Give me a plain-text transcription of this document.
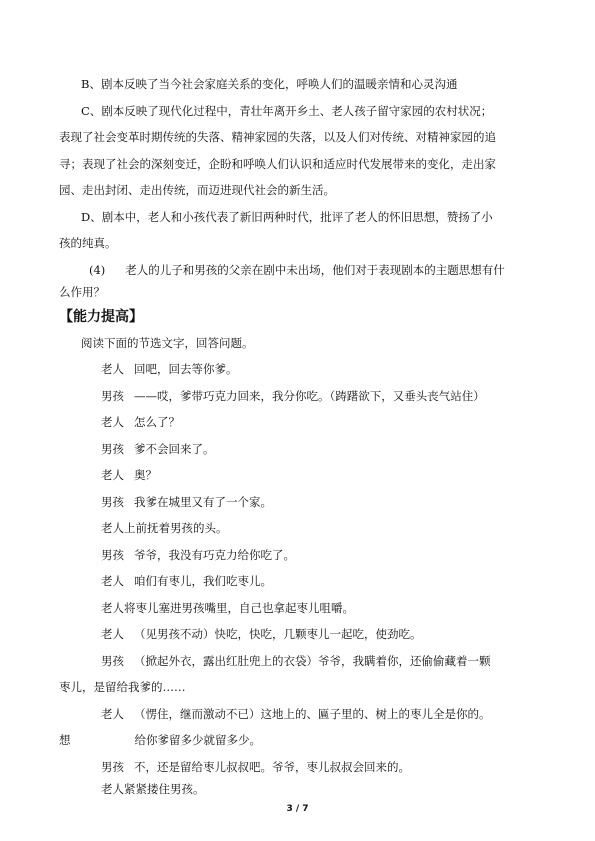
B、剧本反映了当今社会家庭关系的变化，呼唤人们的温暖亲情和心灵沟通
C、剧本反映了现代化过程中，青壮年离开乡土、老人孩子留守家园的农村状况；
表现了社会变革时期传统的失落、精神家园的失落，以及人们对传统、对精神家园的追
寻；表现了社会的深刻变迁，企盼和呼唤人们认识和适应时代发展带来的变化，走出家
园、走出封闭、走出传统，而迈进现代社会的新生活。
D、剧本中，老人和小孩代表了新旧两种时代，批评了老人的怀旧思想，赞扬了小
孩的纯真。
(4) 老人的儿子和男孩的父亲在剧中未出场，他们对于表现剧本的主题思想有什
么作用？
【能力提高】
阅读下面的节选文字，回答问题。
老人 回吧，回去等你爹。
男孩 ——哎，爹带巧克力回来，我分你吃。（踌躇欲下，又垂头丧气站住）
老人 怎么了？
男孩 爹不会回来了。
老人 奥？
男孩 我爹在城里又有了一个家。
老人上前抚着男孩的头。
男孩 爷爷，我没有巧克力给你吃了。
老人 咱们有枣儿，我们吃枣儿。
老人将枣儿塞进男孩嘴里，自己也拿起枣儿咀嚼。
老人 （见男孩不动）快吃，快吃，几颗枣儿一起吃，使劲吃。
男孩 （掀起外衣，露出红肚兜上的衣袋）爷爷，我瞒着你，还偷偷藏着一颗
枣儿，是留给我爹的……
老人 （愣住，继而激动不已）这地上的、匾子里的、树上的枣儿全是你的。
想	给你爹留多少就留多少。
男孩 不，还是留给枣儿叔叔吧。爷爷，枣儿叔叔会回来的。
老人紧紧搂住男孩。
3 / 7
